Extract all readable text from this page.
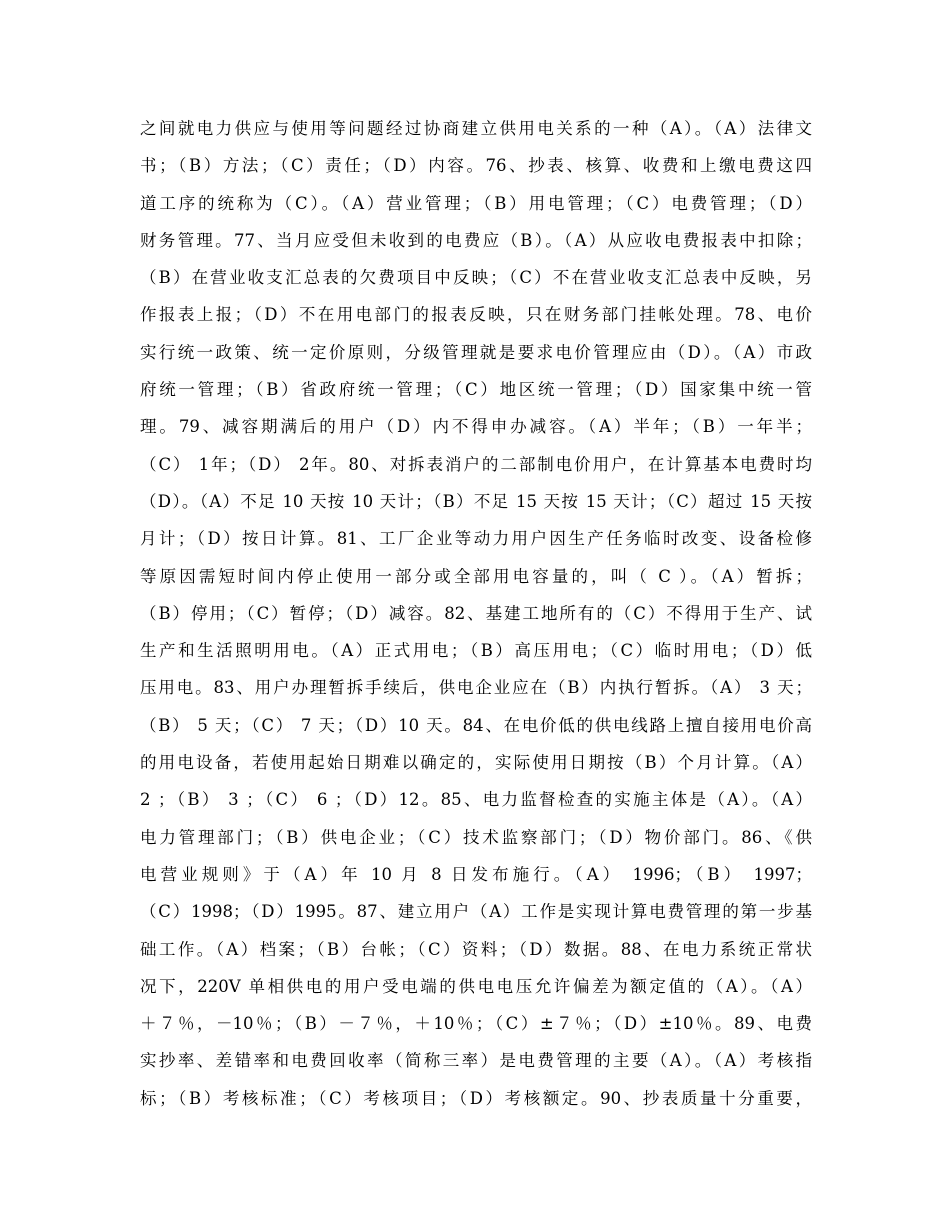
之间就电力供应与使用等问题经过协商建立供用电关系的一种（A）。（A）法律文
书；（B）方法；（C）责任；（D）内容。76、抄表、核算、收费和上缴电费这四
道工序的统称为（C）。（A）营业管理；（B）用电管理；（C）电费管理；（D）
财务管理。77、当月应受但未收到的电费应（B）。（A）从应收电费报表中扣除；
（B）在营业收支汇总表的欠费项目中反映；（C）不在营业收支汇总表中反映，另
作报表上报；（D）不在用电部门的报表反映，只在财务部门挂帐处理。78、电价
实行统一政策、统一定价原则，分级管理就是要求电价管理应由（D）。（A）市政
府统一管理；（B）省政府统一管理；（C）地区统一管理；（D）国家集中统一管
理。79、减容期满后的用户（D）内不得申办减容。（A）半年；（B）一年半；
（C） 1年；（D） 2年。80、对拆表消户的二部制电价用户，在计算基本电费时均
（D）。（A）不足 10 天按 10 天计；（B）不足 15 天按 15 天计；（C）超过 15 天按
月计；（D）按日计算。81、工厂企业等动力用户因生产任务临时改变、设备检修
等原因需短时间内停止使用一部分或全部用电容量的，叫（ C ）。（A）暂拆；
（B）停用；（C）暂停；（D）减容。82、基建工地所有的（C）不得用于生产、试
生产和生活照明用电。（A）正式用电；（B）高压用电；（C）临时用电；（D）低
压用电。83、用户办理暂拆手续后，供电企业应在（B）内执行暂拆。（A） 3 天；
（B） 5 天；（C） 7 天；（D）10 天。84、在电价低的供电线路上擅自接用电价高
的用电设备，若使用起始日期难以确定的，实际使用日期按（B）个月计算。（A）
2 ；（B） 3 ；（C） 6 ；（D）12。85、电力监督检查的实施主体是（A）。（A）
电力管理部门；（B）供电企业；（C）技术监察部门；（D）物价部门。86、《供
电营业规则》于（A）年 10 月 8 日发布施行。（A） 1996；（B） 1997；
（C）1998；（D）1995。87、建立用户（A）工作是实现计算电费管理的第一步基
础工作。（A）档案；（B）台帐；（C）资料；（D）数据。88、在电力系统正常状
况下，220V 单相供电的用户受电端的供电电压允许偏差为额定值的（A）。（A）
＋７％，－10％；（B）－７％，＋10％；（C）±７％；（D）±10％。89、电费
实抄率、差错率和电费回收率（简称三率）是电费管理的主要（A）。（A）考核指
标；（B）考核标准；（C）考核项目；（D）考核额定。90、抄表质量十分重要，
